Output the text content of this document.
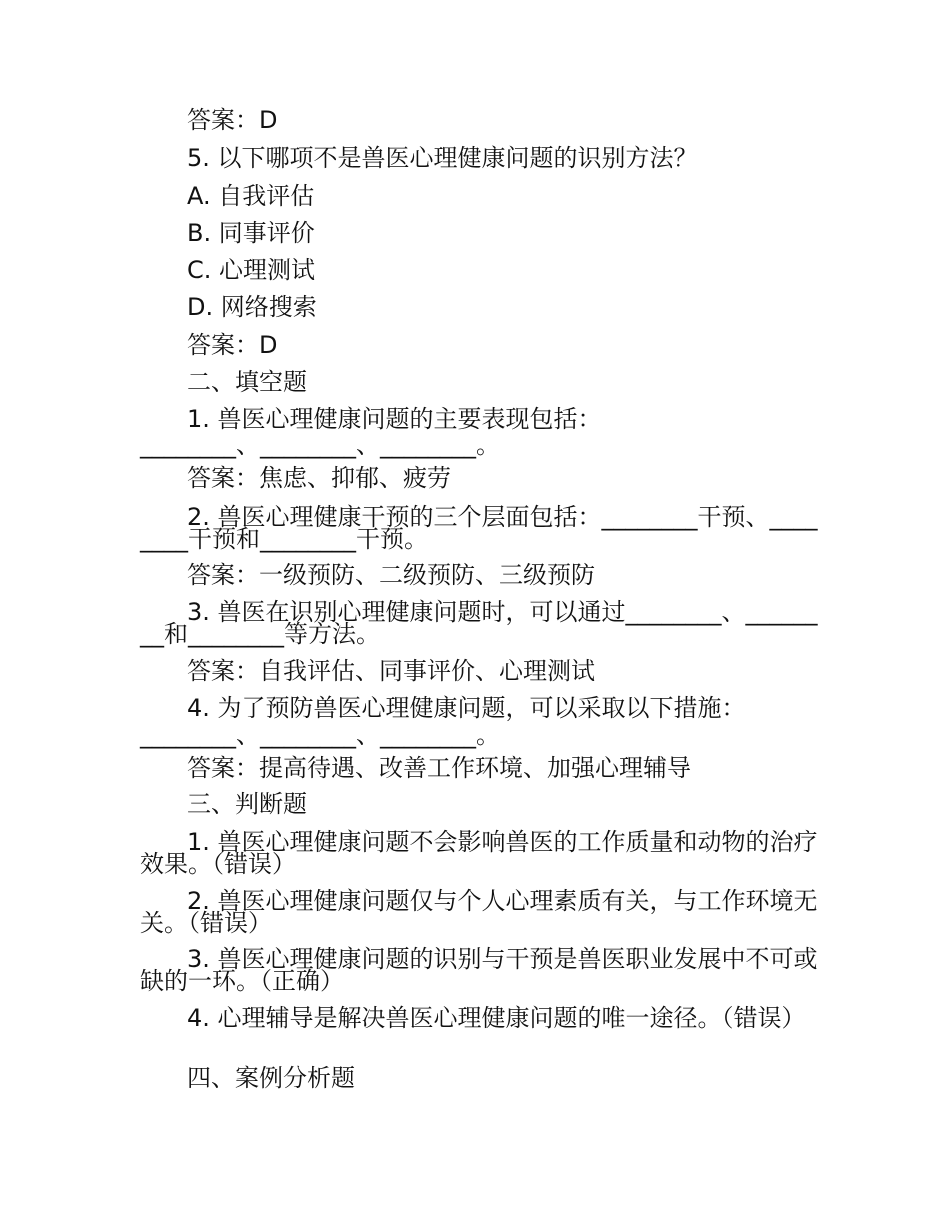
答案：D
5. 以下哪项不是兽医心理健康问题的识别方法？
A. 自我评估
B. 同事评价
C. 心理测试
D. 网络搜索
答案：D
二、填空题
1. 兽医心理健康问题的主要表现包括：
________、________、________。
答案：焦虑、抑郁、疲劳
2. 兽医心理健康干预的三个层面包括：________干预、________干预和________干预。
答案：一级预防、二级预防、三级预防
3. 兽医在识别心理健康问题时，可以通过________、________和________等方法。
答案：自我评估、同事评价、心理测试
4. 为了预防兽医心理健康问题，可以采取以下措施：
________、________、________。
答案：提高待遇、改善工作环境、加强心理辅导
三、判断题
1. 兽医心理健康问题不会影响兽医的工作质量和动物的治疗效果。（错误）
2. 兽医心理健康问题仅与个人心理素质有关，与工作环境无关。（错误）
3. 兽医心理健康问题的识别与干预是兽医职业发展中不可或缺的一环。（正确）
4. 心理辅导是解决兽医心理健康问题的唯一途径。（错误）
四、案例分析题
